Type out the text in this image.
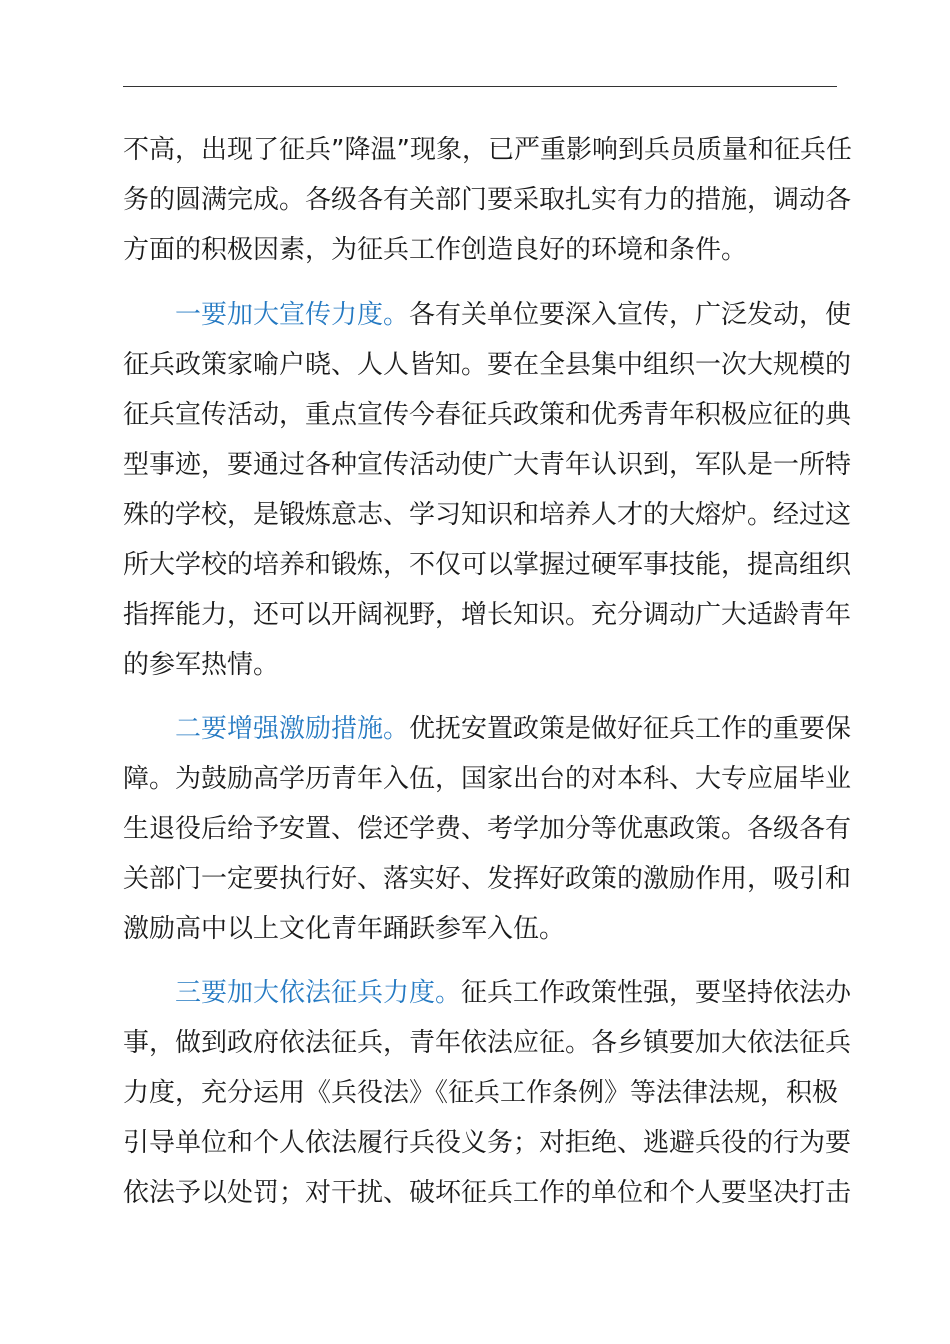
不高，出现了征兵”降温”现象，已严重影响到兵员质量和征兵任
务的圆满完成。各级各有关部门要采取扎实有力的措施，调动各
方面的积极因素，为征兵工作创造良好的环境和条件。
一要加大宣传力度。各有关单位要深入宣传，广泛发动，使
征兵政策家喻户晓、人人皆知。要在全县集中组织一次大规模的
征兵宣传活动，重点宣传今春征兵政策和优秀青年积极应征的典
型事迹，要通过各种宣传活动使广大青年认识到，军队是一所特
殊的学校，是锻炼意志、学习知识和培养人才的大熔炉。经过这
所大学校的培养和锻炼，不仅可以掌握过硬军事技能，提高组织
指挥能力，还可以开阔视野，增长知识。充分调动广大适龄青年
的参军热情。
二要增强激励措施。优抚安置政策是做好征兵工作的重要保
障。为鼓励高学历青年入伍，国家出台的对本科、大专应届毕业
生退役后给予安置、偿还学费、考学加分等优惠政策。各级各有
关部门一定要执行好、落实好、发挥好政策的激励作用，吸引和
激励高中以上文化青年踊跃参军入伍。
三要加大依法征兵力度。征兵工作政策性强，要坚持依法办
事，做到政府依法征兵，青年依法应征。各乡镇要加大依法征兵
力度，充分运用《兵役法》《征兵工作条例》等法律法规，积极
引导单位和个人依法履行兵役义务；对拒绝、逃避兵役的行为要
依法予以处罚；对干扰、破坏征兵工作的单位和个人要坚决打击
